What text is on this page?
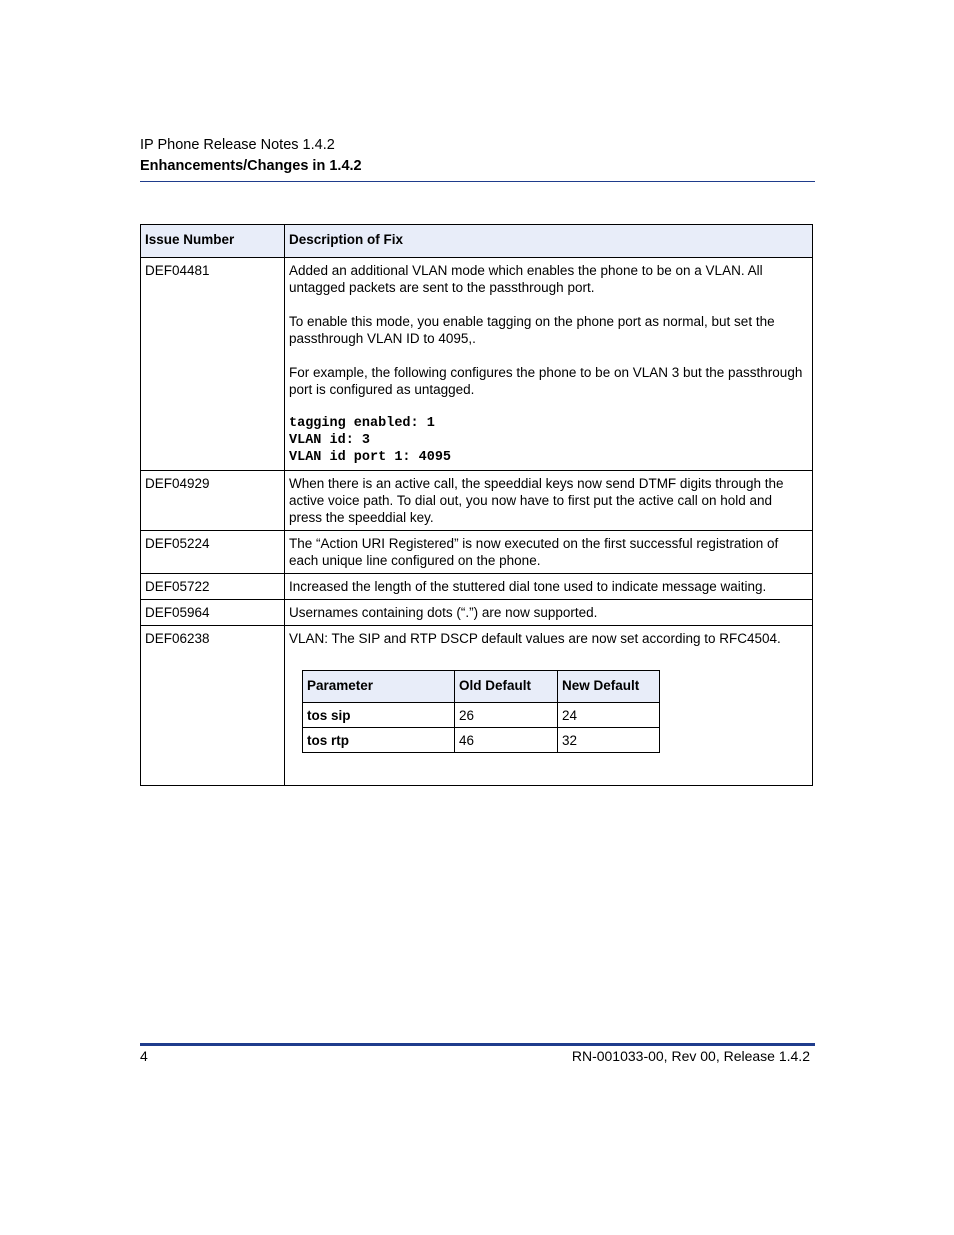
IP Phone Release Notes 1.4.2
Enhancements/Changes in 1.4.2
Issue Number	Description of Fix
DEF04481	Added an additional VLAN mode which enables the phone to be on a VLAN. All untagged packets are sent to the passthrough port.

To enable this mode, you enable tagging on the phone port as normal, but set the passthrough VLAN ID to 4095,.

For example, the following configures the phone to be on VLAN 3 but the passthrough port is configured as untagged.

tagging enabled: 1
VLAN id: 3
VLAN id port 1: 4095

DEF04929	When there is an active call, the speeddial keys now send DTMF digits through the active voice path. To dial out, you now have to first put the active call on hold and press the speeddial key.

DEF05224	The “Action URI Registered” is now executed on the first successful registration of each unique line configured on the phone.

DEF05722	Increased the length of the stuttered dial tone used to indicate message waiting.

DEF05964	Usernames containing dots (“.”) are now supported.

DEF06238	VLAN: The SIP and RTP DSCP default values are now set according to RFC4504.

Parameter	Old Default	New Default
tos sip	26	24
tos rtp	46	32
4	RN-001033-00, Rev 00, Release 1.4.2
